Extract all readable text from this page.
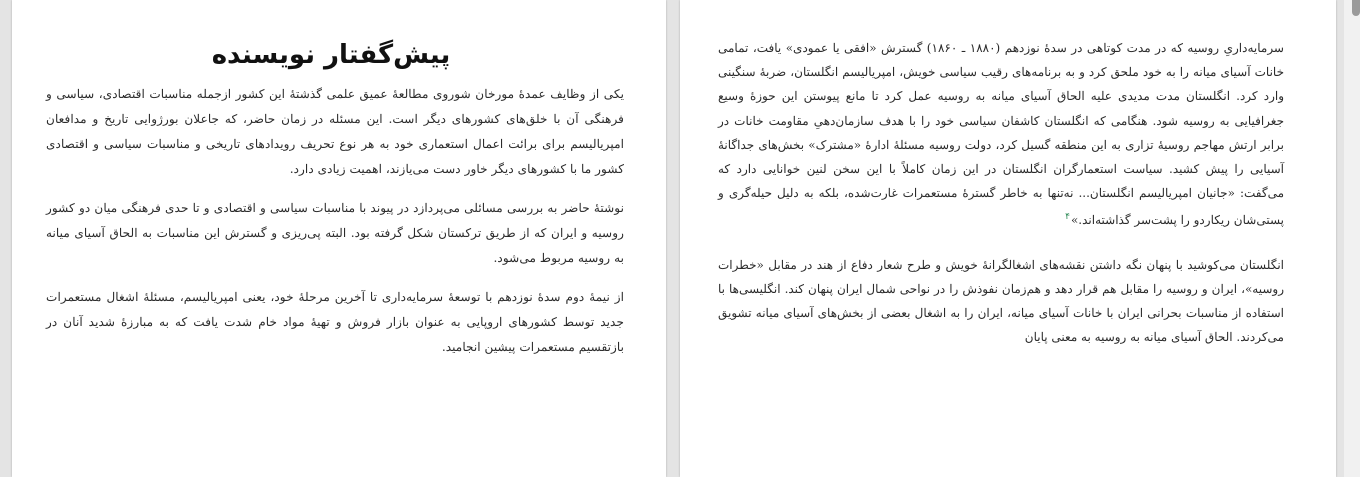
پیش‌گفتار نویسنده

یکی از وظایف عمدهٔ مورخان شوروی مطالعهٔ عمیق علمی گذشتهٔ این کشور ازجمله مناسبات اقتصادی، سیاسی و فرهنگی آن با خلق‌های کشورهای دیگر است. این مسئله در زمان حاضر، که جاعلان بورژوایی تاریخ و مدافعان امپریالیسم برای برائت اعمال استعماری خود به هر نوع تحریف رویدادهای تاریخی و مناسبات سیاسی و اقتصادی کشور ما با کشورهای دیگر خاور دست می‌یازند، اهمیت زیادی دارد.

نوشتهٔ حاضر به بررسی مسائلی می‌پردازد در پیوند با مناسبات سیاسی و اقتصادی و تا حدی فرهنگی میان دو کشور روسیه و ایران که از طریق ترکستان شکل گرفته بود. البته پی‌ریزی و گسترش این مناسبات به الحاق آسیای میانه به روسیه مربوط می‌شود.

از نیمهٔ دوم سدهٔ نوزدهم با توسعهٔ سرمایه‌داری تا آخرین مرحلهٔ خود، یعنی امپریالیسم، مسئلهٔ اشغال مستعمرات جدید توسط کشورهای اروپایی به عنوان بازار فروش و تهیهٔ مواد خام شدت یافت که به مبارزهٔ شدید آنان در بازتقسیم مستعمرات پیشین انجامید.

سرمایه‌داریِ روسیه که در مدت کوتاهی در سدهٔ نوزدهم (۱۸۸۰ ـ ۱۸۶۰) گسترش «افقی یا عمودی» یافت، تمامی خانات آسیای میانه را به خود ملحق کرد و به برنامه‌های رقیب سیاسی خویش، امپریالیسم انگلستان، ضربهٔ سنگینی وارد کرد. انگلستان مدت مدیدی علیه الحاق آسیای میانه به روسیه عمل کرد تا مانع پیوستن این حوزهٔ وسیع جغرافیایی به روسیه شود. هنگامی که انگلستان کاشفان سیاسی خود را با هدف سازمان‌دهیِ مقاومت خانات در برابر ارتش مهاجم روسیهٔ تزاری به این منطقه گسیل کرد، دولت روسیه مسئلهٔ ادارهٔ «مشترک» بخش‌های جداگانهٔ آسیایی را پیش کشید. سیاست استعمارگران انگلستان در این زمان کاملاً با این سخن لنین خوانایی دارد که می‌گفت: «جانیان امپریالیسم انگلستان... نه‌تنها به خاطر گسترهٔ مستعمرات غارت‌شده، بلکه به دلیل حیله‌گری و پستی‌شان ریکاردو را پشت‌سر گذاشته‌اند.»$^۴$

انگلستان می‌کوشید با پنهان نگه داشتن نقشه‌های اشغالگرانهٔ خویش و طرح شعار دفاع از هند در مقابل «خطرات روسیه»، ایران و روسیه را مقابل هم قرار دهد و هم‌زمان نفوذش را در نواحی شمال ایران پنهان کند. انگلیسی‌ها با استفاده از مناسبات بحرانی ایران با خانات آسیای میانه، ایران را به اشغال بعضی از بخش‌های آسیای میانه تشویق می‌کردند. الحاق آسیای میانه به روسیه به معنی پایان
